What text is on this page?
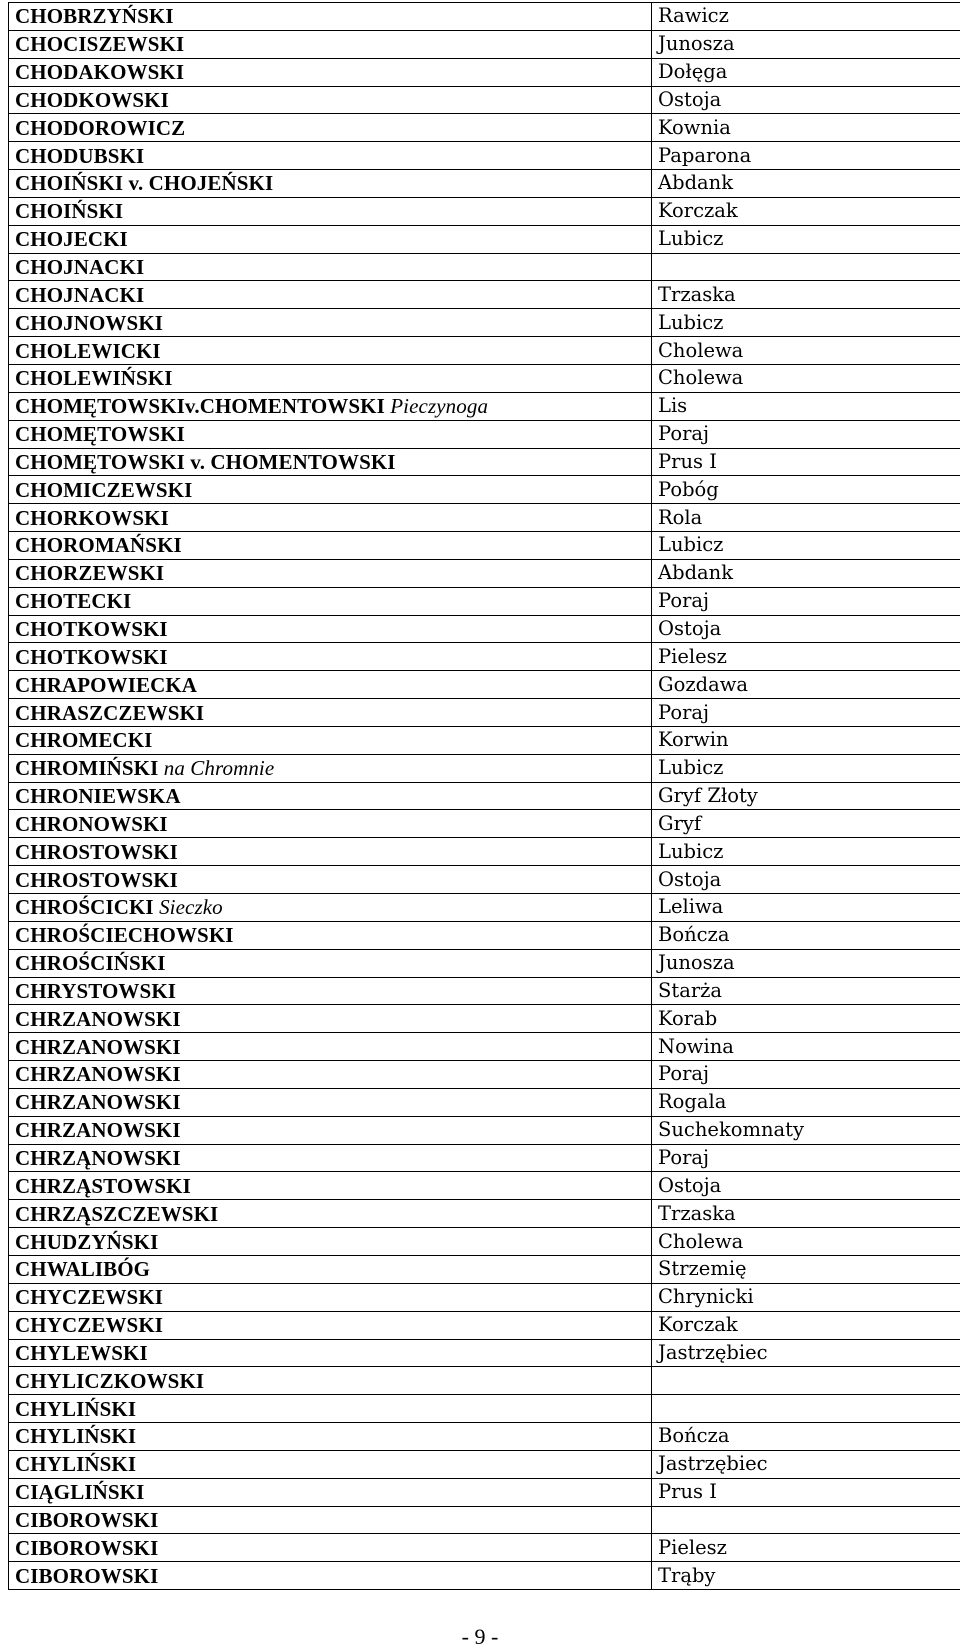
CHOBRZYŃSKI	Rawicz
CHOCISZEWSKI	Junosza
CHODAKOWSKI	Dołęga
CHODKOWSKI	Ostoja
CHODOROWICZ	Kownia
CHODUBSKI	Paparona
CHOIŃSKI v. CHOJEŃSKI	Abdank
CHOIŃSKI	Korczak
CHOJECKI	Lubicz
CHOJNACKI	
CHOJNACKI	Trzaska
CHOJNOWSKI	Lubicz
CHOLEWICKI	Cholewa
CHOLEWIŃSKI	Cholewa
CHOMĘTOWSKIv.CHOMENTOWSKI Pieczynoga	Lis
CHOMĘTOWSKI	Poraj
CHOMĘTOWSKI v. CHOMENTOWSKI	Prus I
CHOMICZEWSKI	Pobóg
CHORKOWSKI	Rola
CHOROMAŃSKI	Lubicz
CHORZEWSKI	Abdank
CHOTECKI	Poraj
CHOTKOWSKI	Ostoja
CHOTKOWSKI	Pielesz
CHRAPOWIECKA	Gozdawa
CHRASZCZEWSKI	Poraj
CHROMECKI	Korwin
CHROMIŃSKI na Chromnie	Lubicz
CHRONIEWSKA	Gryf Złoty
CHRONOWSKI	Gryf
CHROSTOWSKI	Lubicz
CHROSTOWSKI	Ostoja
CHROŚCICKI Sieczko	Leliwa
CHROŚCIECHOWSKI	Bończa
CHROŚCIŃSKI	Junosza
CHRYSTOWSKI	Starża
CHRZANOWSKI	Korab
CHRZANOWSKI	Nowina
CHRZANOWSKI	Poraj
CHRZANOWSKI	Rogala
CHRZANOWSKI	Suchekomnaty
CHRZĄNOWSKI	Poraj
CHRZĄSTOWSKI	Ostoja
CHRZĄSZCZEWSKI	Trzaska
CHUDZYŃSKI	Cholewa
CHWALIBÓG	Strzemię
CHYCZEWSKI	Chrynicki
CHYCZEWSKI	Korczak
CHYLEWSKI	Jastrzębiec
CHYLICZKOWSKI	
CHYLIŃSKI	
CHYLIŃSKI	Bończa
CHYLIŃSKI	Jastrzębiec
CIĄGLIŃSKI	Prus I
CIBOROWSKI	
CIBOROWSKI	Pielesz
CIBOROWSKI	Trąby
- 9 -
